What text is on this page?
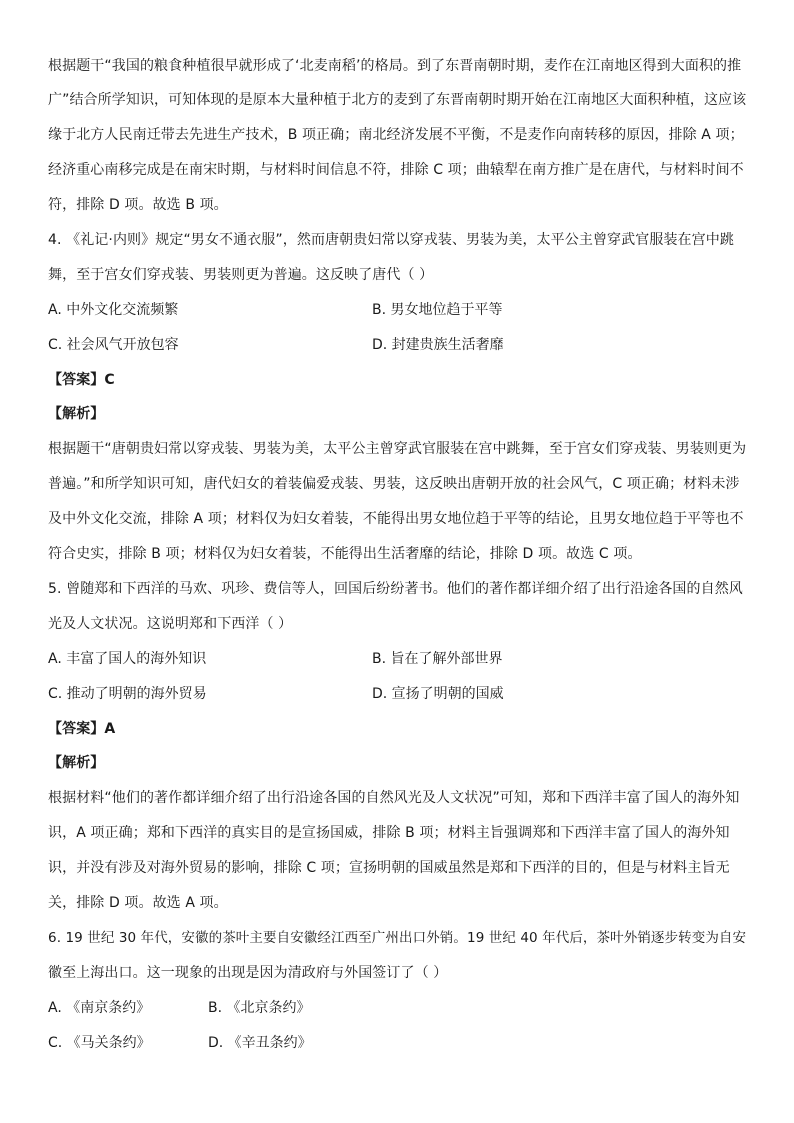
根据题干“我国的粮食种植很早就形成了‘北麦南稻’的格局。到了东晋南朝时期，麦作在江南地区得到大面积的推
广”结合所学知识，可知体现的是原本大量种植于北方的麦到了东晋南朝时期开始在江南地区大面积种植，这应该
缘于北方人民南迁带去先进生产技术，B 项正确；南北经济发展不平衡，不是麦作向南转移的原因，排除 A 项；
经济重心南移完成是在南宋时期，与材料时间信息不符，排除 C 项；曲辕犁在南方推广是在唐代，与材料时间不
符，排除 D 项。故选 B 项。
4. 《礼记·内则》规定“男女不通衣服”，然而唐朝贵妇常以穿戎装、男装为美，太平公主曾穿武官服装在宫中跳
舞，至于宫女们穿戎装、男装则更为普遍。这反映了唐代（ ）
A. 中外文化交流频繁	B. 男女地位趋于平等
C. 社会风气开放包容	D. 封建贵族生活奢靡
【答案】C
【解析】
根据题干“唐朝贵妇常以穿戎装、男装为美，太平公主曾穿武官服装在宫中跳舞，至于宫女们穿戎装、男装则更为
普遍。”和所学知识可知，唐代妇女的着装偏爱戎装、男装，这反映出唐朝开放的社会风气，C 项正确；材料未涉
及中外文化交流，排除 A 项；材料仅为妇女着装，不能得出男女地位趋于平等的结论，且男女地位趋于平等也不
符合史实，排除 B 项；材料仅为妇女着装，不能得出生活奢靡的结论，排除 D 项。故选 C 项。
5. 曾随郑和下西洋的马欢、巩珍、费信等人，回国后纷纷著书。他们的著作都详细介绍了出行沿途各国的自然风
光及人文状况。这说明郑和下西洋（ ）
A. 丰富了国人的海外知识	B. 旨在了解外部世界
C. 推动了明朝的海外贸易	D. 宣扬了明朝的国威
【答案】A
【解析】
根据材料“他们的著作都详细介绍了出行沿途各国的自然风光及人文状况”可知，郑和下西洋丰富了国人的海外知
识，A 项正确；郑和下西洋的真实目的是宣扬国威，排除 B 项；材料主旨强调郑和下西洋丰富了国人的海外知
识，并没有涉及对海外贸易的影响，排除 C 项；宣扬明朝的国威虽然是郑和下西洋的目的，但是与材料主旨无
关，排除 D 项。故选 A 项。
6. 19 世纪 30 年代，安徽的茶叶主要自安徽经江西至广州出口外销。19 世纪 40 年代后，茶叶外销逐步转变为自安
徽至上海出口。这一现象的出现是因为清政府与外国签订了（ ）
A. 《南京条约》	B. 《北京条约》
C. 《马关条约》	D. 《辛丑条约》
